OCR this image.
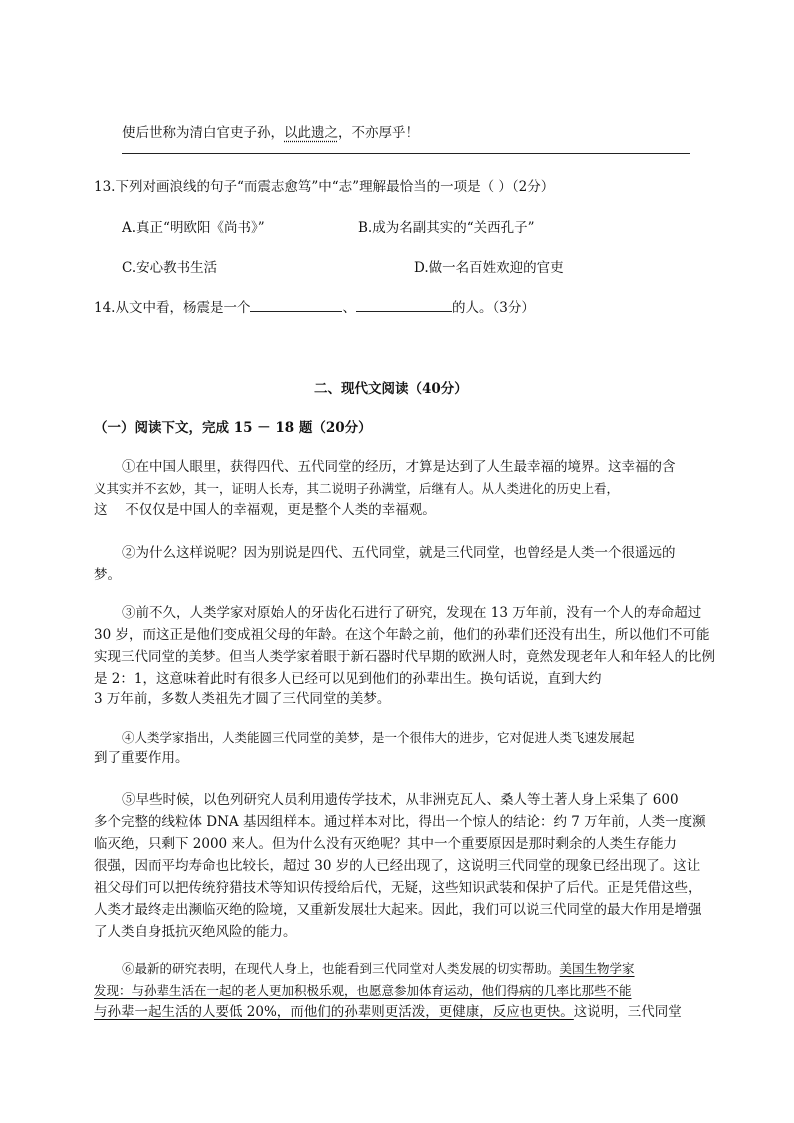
使后世称为清白官吏子孙，以此遗之，不亦厚乎！
13.下列对画浪线的句子“而震志愈笃”中“志”理解最恰当的一项是（ ）（2分）
A.真正“明欧阳《尚书》”	B.成为名副其实的“关西孔子”
C.安心教书生活	D.做一名百姓欢迎的官吏
14.从文中看，杨震是一个	、	的人。（3分）
二、现代文阅读（40分）
（一）阅读下文，完成 15 － 18 题（20分）
①在中国人眼里，获得四代、五代同堂的经历，才算是达到了人生最幸福的境界。这幸福的含
义其实并不玄妙，其一，证明人长寿，其二说明子孙满堂，后继有人。从人类进化的历史上看，
这　 不仅仅是中国人的幸福观，更是整个人类的幸福观。
②为什么这样说呢？因为别说是四代、五代同堂，就是三代同堂，也曾经是人类一个很遥远的
梦。
③前不久，人类学家对原始人的牙齿化石进行了研究，发现在 13 万年前，没有一个人的寿命超过
30 岁，而这正是他们变成祖父母的年龄。在这个年龄之前，他们的孙辈们还没有出生，所以他们不可能
实现三代同堂的美梦。但当人类学家着眼于新石器时代早期的欧洲人时，竟然发现老年人和年轻人的比例
是 2：1，这意味着此时有很多人已经可以见到他们的孙辈出生。换句话说，直到大约
3 万年前，多数人类祖先才圆了三代同堂的美梦。
④人类学家指出，人类能圆三代同堂的美梦，是一个很伟大的进步，它对促进人类飞速发展起
到了重要作用。
⑤早些时候，以色列研究人员利用遗传学技术，从非洲克瓦人、桑人等土著人身上采集了 600
多个完整的线粒体 DNA 基因组样本。通过样本对比，得出一个惊人的结论：约 7 万年前，人类一度濒
临灭绝，只剩下 2000 来人。但为什么没有灭绝呢？其中一个重要原因是那时剩余的人类生存能力
很强，因而平均寿命也比较长，超过 30 岁的人已经出现了，这说明三代同堂的现象已经出现了。这让
祖父母们可以把传统狩猎技术等知识传授给后代，无疑，这些知识武装和保护了后代。正是凭借这些，
人类才最终走出濒临灭绝的险境，又重新发展壮大起来。因此，我们可以说三代同堂的最大作用是增强
了人类自身抵抗灭绝风险的能力。
⑥最新的研究表明，在现代人身上，也能看到三代同堂对人类发展的切实帮助。美国生物学家
发现：与孙辈生活在一起的老人更加积极乐观，也愿意参加体育运动，他们得病的几率比那些不能
与孙辈一起生活的人要低 20%，而他们的孙辈则更活泼，更健康，反应也更快。这说明，三代同堂
